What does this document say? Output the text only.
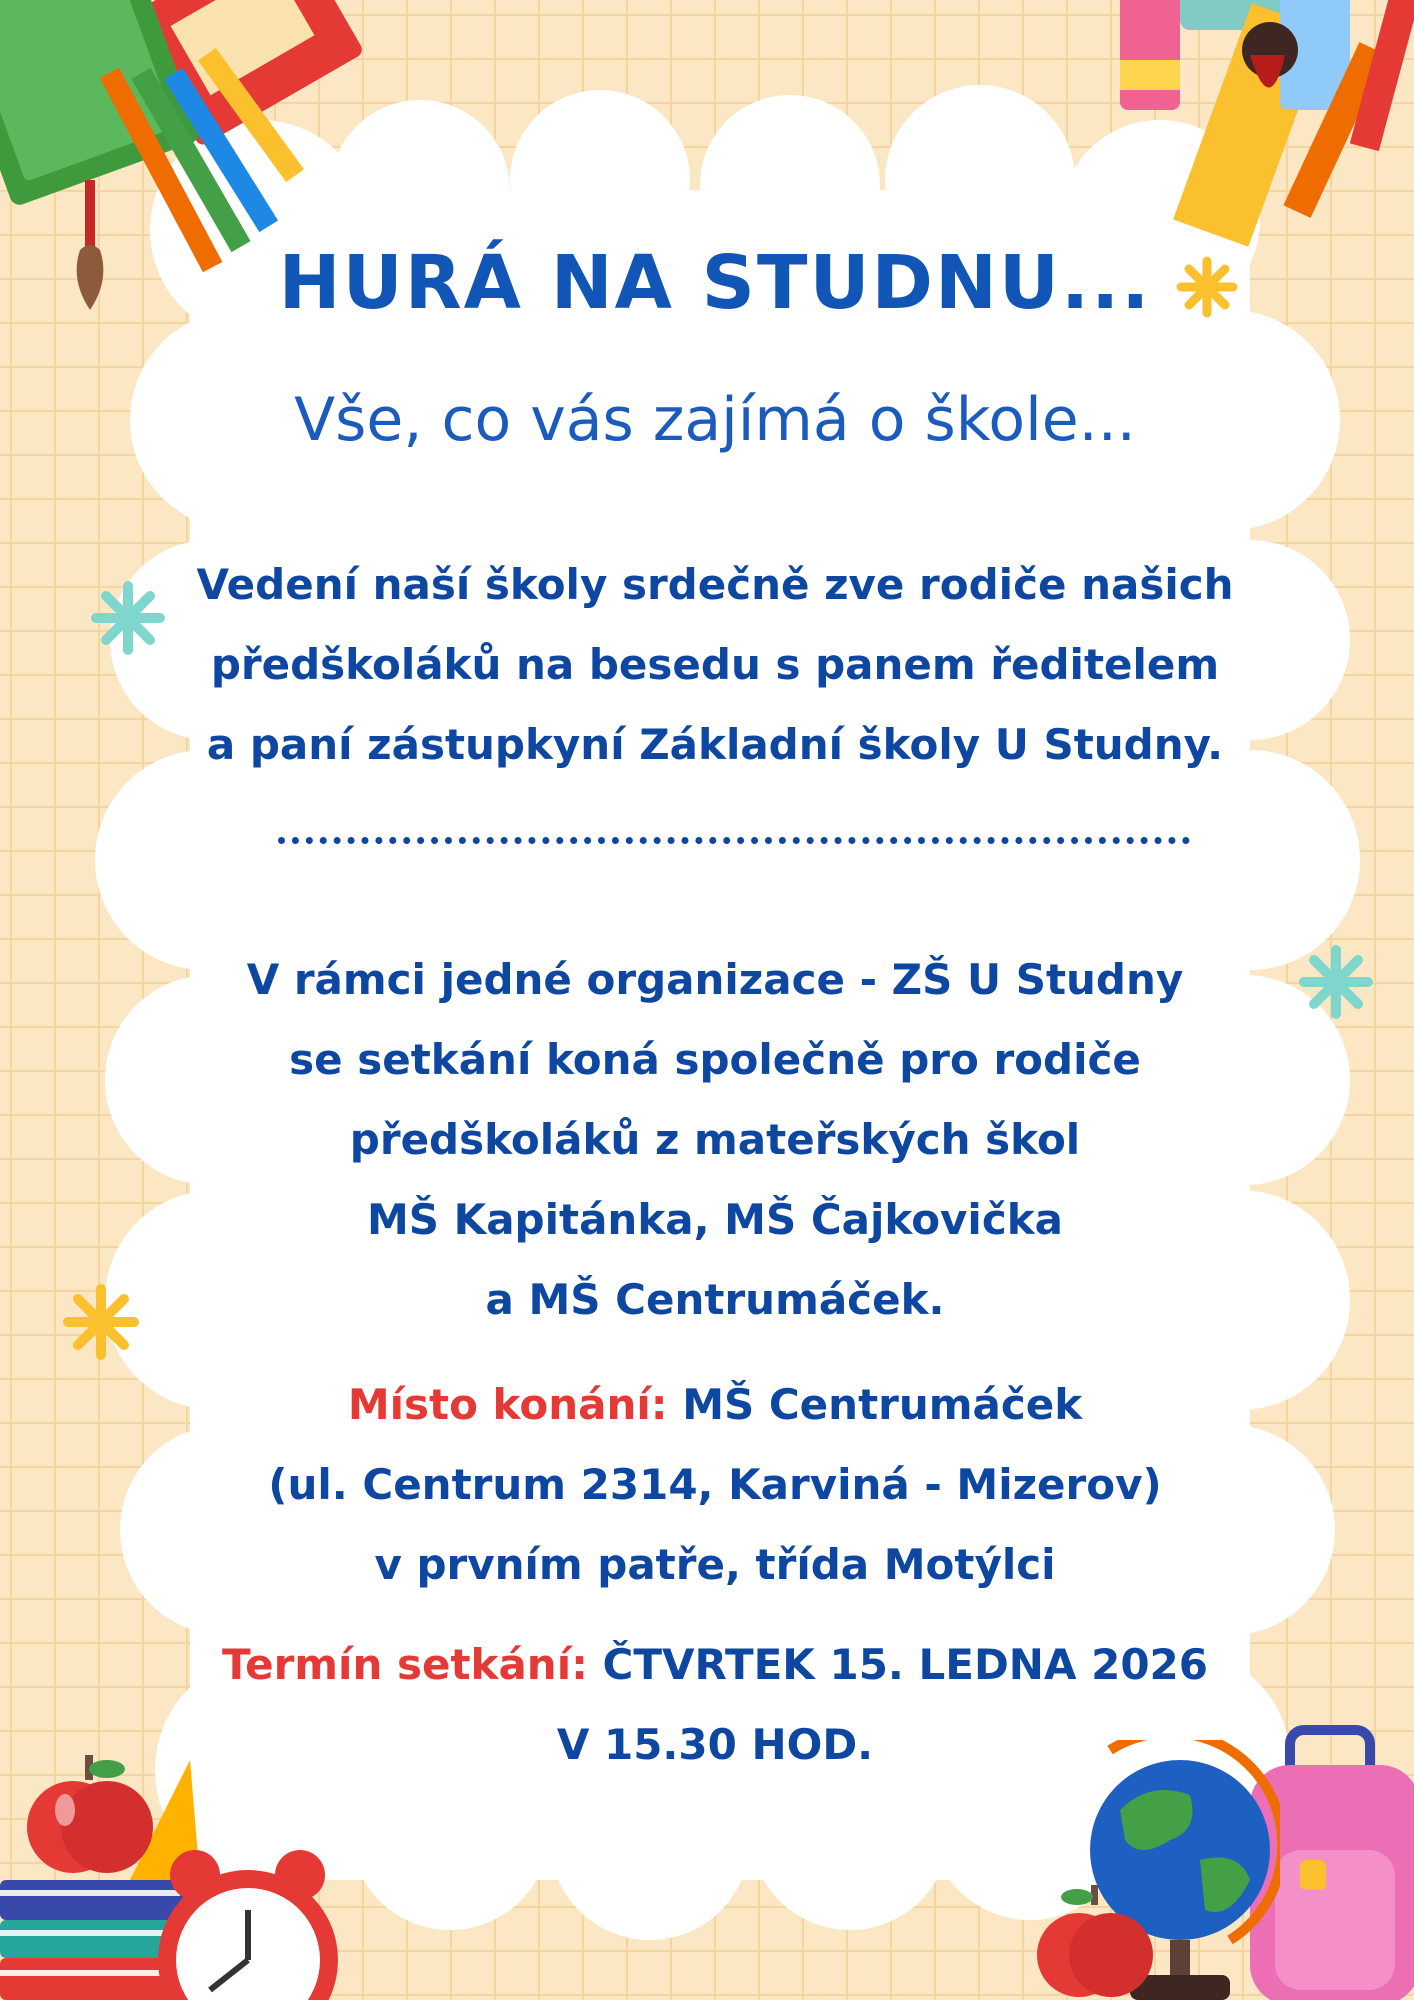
HURÁ NA STUDNU...
Vše, co vás zajímá o škole...
Vedení naší školy srdečně zve rodiče našich
předškoláků na besedu s panem ředitelem
a paní zástupkyní Základní školy U Studny.
V rámci jedné organizace - ZŠ U Studny
se setkání koná společně pro rodiče
předškoláků z mateřských škol
MŠ Kapitánka, MŠ Čajkovička
a MŠ Centrumáček.
Místo konání: MŠ Centrumáček
(ul. Centrum 2314, Karviná - Mizerov)
v prvním patře, třída Motýlci
Termín setkání: ČTVRTEK 15. LEDNA 2026
V 15.30 HOD.
